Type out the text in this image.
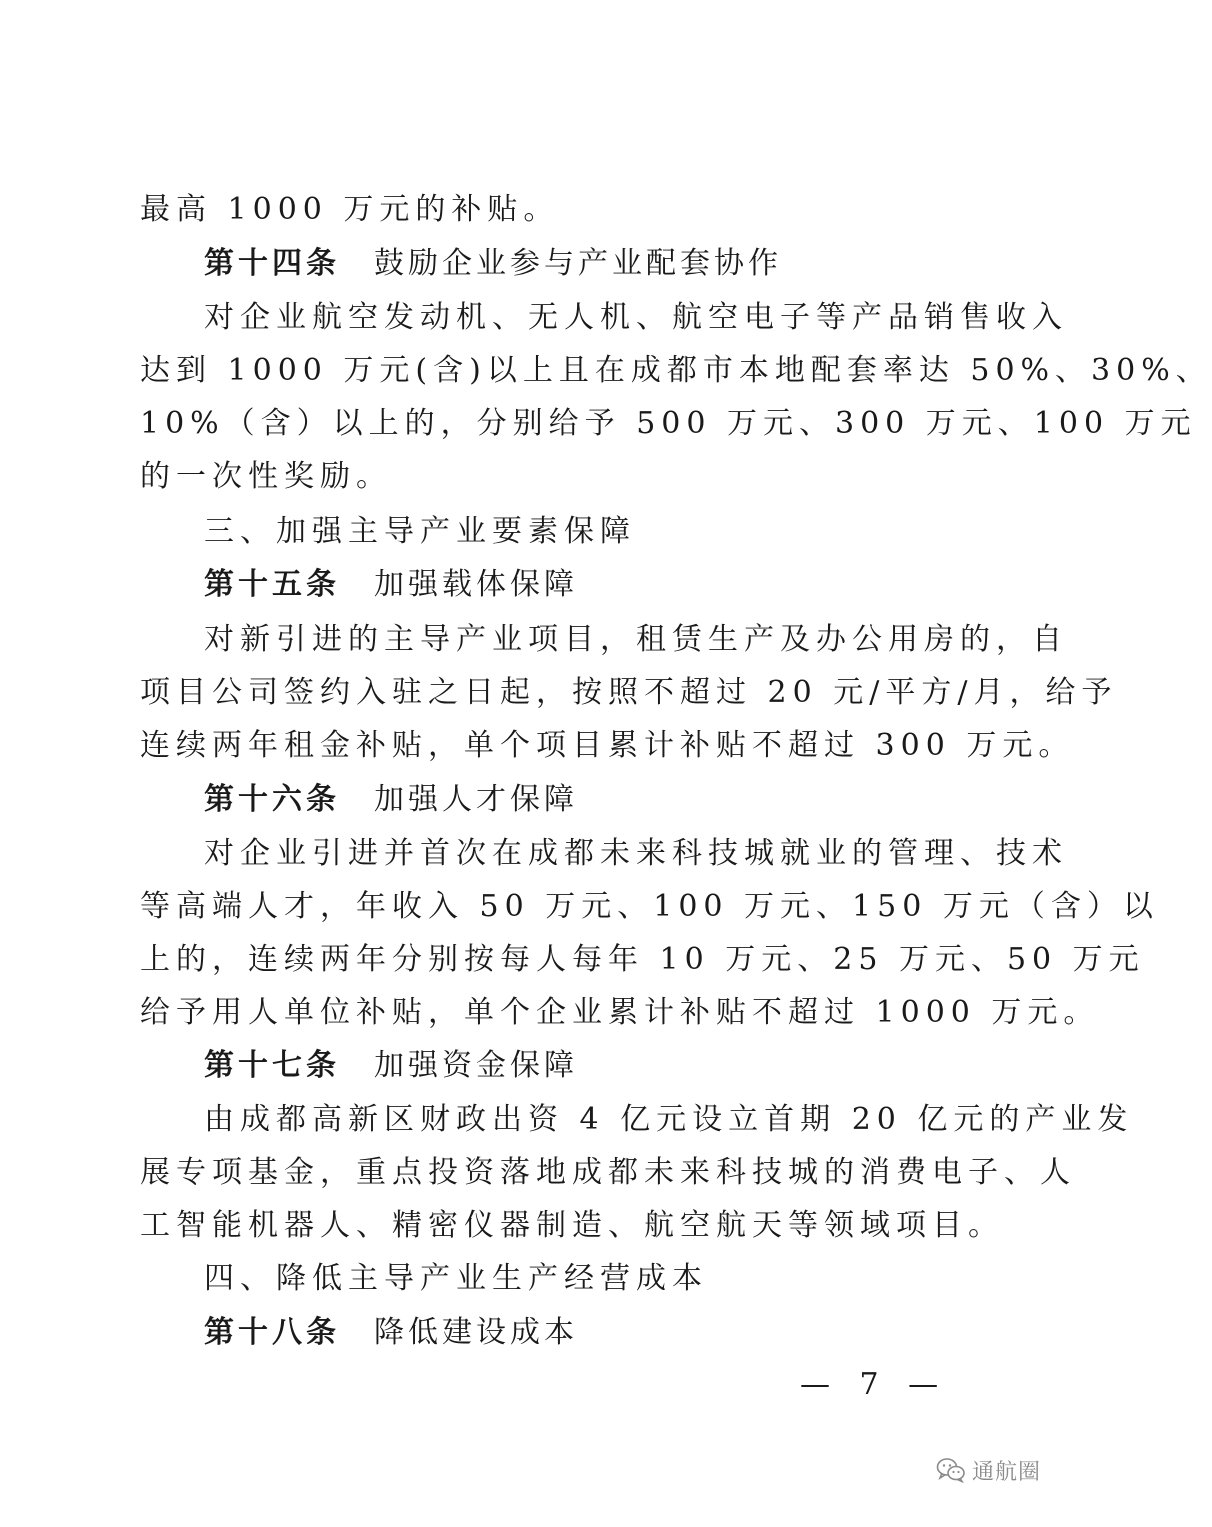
最高 1000 万元的补贴。
第十四条 鼓励企业参与产业配套协作
对企业航空发动机、无人机、航空电子等产品销售收入
达到 1000 万元(含)以上且在成都市本地配套率达 50%、30%、
10%（含）以上的，分别给予 500 万元、300 万元、100 万元
的一次性奖励。
三、加强主导产业要素保障
第十五条 加强载体保障
对新引进的主导产业项目，租赁生产及办公用房的，自
项目公司签约入驻之日起，按照不超过 20 元/平方/月，给予
连续两年租金补贴，单个项目累计补贴不超过 300 万元。
第十六条 加强人才保障
对企业引进并首次在成都未来科技城就业的管理、技术
等高端人才，年收入 50 万元、100 万元、150 万元（含）以
上的，连续两年分别按每人每年 10 万元、25 万元、50 万元
给予用人单位补贴，单个企业累计补贴不超过 1000 万元。
第十七条 加强资金保障
由成都高新区财政出资 4 亿元设立首期 20 亿元的产业发
展专项基金，重点投资落地成都未来科技城的消费电子、人
工智能机器人、精密仪器制造、航空航天等领域项目。
四、降低主导产业生产经营成本
第十八条 降低建设成本
— 7 —
通航圈
